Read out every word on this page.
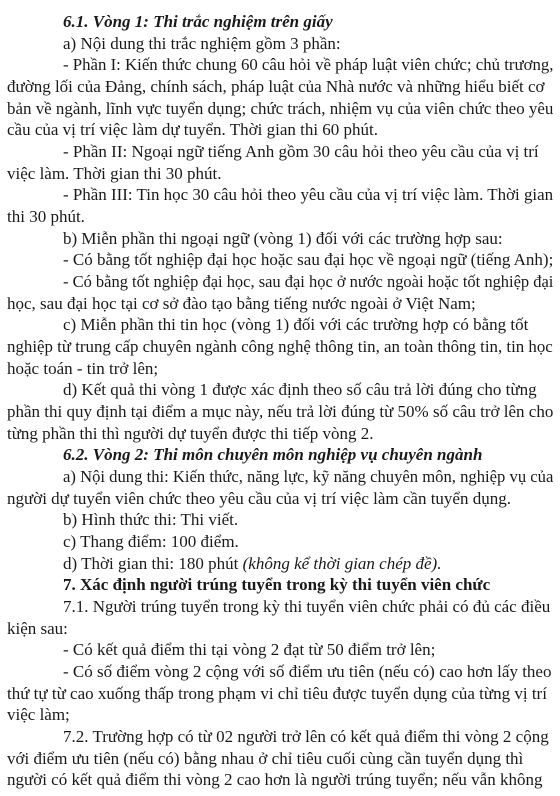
6.1. Vòng 1: Thi trắc nghiệm trên giấy
a) Nội dung thi trắc nghiệm gồm 3 phần:
- Phần I: Kiến thức chung 60 câu hỏi về pháp luật viên chức; chủ trương,
đường lối của Đảng, chính sách, pháp luật của Nhà nước và những hiểu biết cơ
bản về ngành, lĩnh vực tuyển dụng; chức trách, nhiệm vụ của viên chức theo yêu
cầu của vị trí việc làm dự tuyển. Thời gian thi 60 phút.
- Phần II: Ngoại ngữ tiếng Anh gồm 30 câu hỏi theo yêu cầu của vị trí
việc làm. Thời gian thi 30 phút.
- Phần III: Tin học 30 câu hỏi theo yêu cầu của vị trí việc làm. Thời gian
thi 30 phút.
b) Miễn phần thi ngoại ngữ (vòng 1) đối với các trường hợp sau:
- Có bằng tốt nghiệp đại học hoặc sau đại học về ngoại ngữ (tiếng Anh);
- Có bằng tốt nghiệp đại học, sau đại học ở nước ngoài hoặc tốt nghiệp đại
học, sau đại học tại cơ sở đào tạo bằng tiếng nước ngoài ở Việt Nam;
c) Miễn phần thi tin học (vòng 1) đối với các trường hợp có bằng tốt
nghiệp từ trung cấp chuyên ngành công nghệ thông tin, an toàn thông tin, tin học
hoặc toán - tin trở lên;
d) Kết quả thi vòng 1 được xác định theo số câu trả lời đúng cho từng
phần thi quy định tại điểm a mục này, nếu trả lời đúng từ 50% số câu trở lên cho
từng phần thi thì người dự tuyển được thi tiếp vòng 2.
6.2. Vòng 2: Thi môn chuyên môn nghiệp vụ chuyên ngành
a) Nội dung thi: Kiến thức, năng lực, kỹ năng chuyên môn, nghiệp vụ của
người dự tuyển viên chức theo yêu cầu của vị trí việc làm cần tuyển dụng.
b) Hình thức thi: Thi viết.
c) Thang điểm: 100 điểm.
d) Thời gian thi: 180 phút (không kể thời gian chép đề).
7. Xác định người trúng tuyển trong kỳ thi tuyển viên chức
7.1. Người trúng tuyển trong kỳ thi tuyển viên chức phải có đủ các điều
kiện sau:
- Có kết quả điểm thi tại vòng 2 đạt từ 50 điểm trở lên;
- Có số điểm vòng 2 cộng với số điểm ưu tiên (nếu có) cao hơn lấy theo
thứ tự từ cao xuống thấp trong phạm vi chỉ tiêu được tuyển dụng của từng vị trí
việc làm;
7.2. Trường hợp có từ 02 người trở lên có kết quả điểm thi vòng 2 cộng
với điểm ưu tiên (nếu có) bằng nhau ở chỉ tiêu cuối cùng cần tuyển dụng thì
người có kết quả điểm thi vòng 2 cao hơn là người trúng tuyển; nếu vẫn không
